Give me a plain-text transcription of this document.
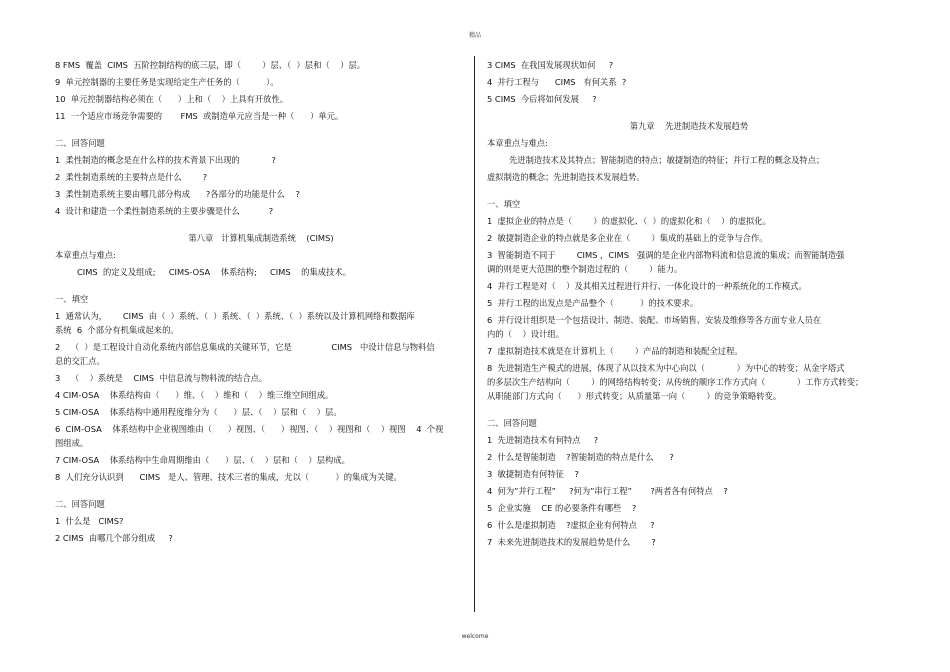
精品
8 FMS  覆盖  CIMS  五阶控制结构的底三层，即（        ）层、（  ）层和（    ）层。
9  单元控制器的主要任务是实现给定生产任务的（          ）。
10  单元控制器结构必须在（      ）上和（    ）上具有开放性。
11  一个适应市场竞争需要的       FMS  或制造单元应当是一种（      ）单元。
二、回答问题
1  柔性制造的概念是在什么样的技术背景下出现的            ?
2  柔性制造系统的主要特点是什么        ?
3  柔性制造系统主要由哪几部分构成      ?各部分的功能是什么    ?
4  设计和建造一个柔性制造系统的主要步骤是什么           ?
第八章   计算机集成制造系统    (CIMS)
本章重点与难点:
CIMS  的定义及组成;     CIMS-OSA    体系结构;     CIMS    的集成技术。
一、填空
1  通常认为，      CIMS  由（  ）系统、（  ）系统、（  ）系统、（  ）系统以及计算机网络和数据库
系统  6  个部分有机集成起来的。
2    （  ）是工程设计自动化系统内部信息集成的关键环节，它是               CIMS   中设计信息与物料信
息的交汇点。
3    （    ）系统是    CIMS  中信息流与物料流的结合点。
4 CIM-OSA    体系结构由（      ）维、（    ）维和（    ）维三维空间组成。
5 CIM-OSA    体系结构中通用程度维分为（      ）层、（    ）层和（    ）层。
6  CIM-OSA    体系结构中企业视图维由（      ）视图、（      ）视图、（    ）视图和（    ）视图    4  个视
图组成。
7 CIM-OSA    体系结构中生命周期维由（      ）层、（    ）层和（    ）层构成。
8  人们充分认识到      CIMS   是人、管理、技术三者的集成，尤以（          ）的集成为关键。
二、回答问题
1  什么是   CIMS?
2 CIMS  由哪几个部分组成     ?
3 CIMS  在我国发展现状如何     ?
4  并行工程与      CIMS   有何关系  ?
5 CIMS  今后将如何发展     ?
第九章    先进制造技术发展趋势
本章重点与难点:
先进制造技术及其特点；智能制造的特点；敏捷制造的特征；并行工程的概念及特点；
虚拟制造的概念；先进制造技术发展趋势。
一、填空
1  虚拟企业的特点是（        ）的虚拟化、（  ）的虚拟化和（    ）的虚拟化。
2  敏捷制造企业的特点就是多企业在（        ）集成的基础上的竞争与合作。
3  智能制造不同于        CIMS ，CIMS   强调的是企业内部物料流和信息流的集成；而智能制造强
调的则是更大范围的整个制造过程的（        ）能力。
4  并行工程是对（    ）及其相关过程进行并行、一体化设计的一种系统化的工作模式。
5  并行工程的出发点是产品整个（          ）的技术要求。
6  并行设计组织是一个包括设计、制造、装配、市场销售、安装及维修等各方面专业人员在
内的（    ）设计组。
7  虚拟制造技术就是在计算机上（        ）产品的制造和装配全过程。
8  先进制造生产模式的进展，体现了从以技术为中心向以（            ）为中心的转变；从金字塔式
的多层次生产结构向（        ）的网络结构转变；从传统的顺序工作方式向（            ）工作方式转变；
从职能部门方式向（      ）形式转变；从质量第一向（        ）的竞争策略转变。
二、回答问题
1  先进制造技术有何特点     ?
2  什么是智能制造    ?智能制造的特点是什么      ?
3  敏捷制造有何特征    ?
4  何为”并行工程”     ?何为”串行工程”       ?两者各有何特点    ?
5  企业实施    CE 的必要条件有哪些    ?
6  什么是虚拟制造    ?虚拟企业有何特点     ?
7  未来先进制造技术的发展趋势是什么        ?
welcome
